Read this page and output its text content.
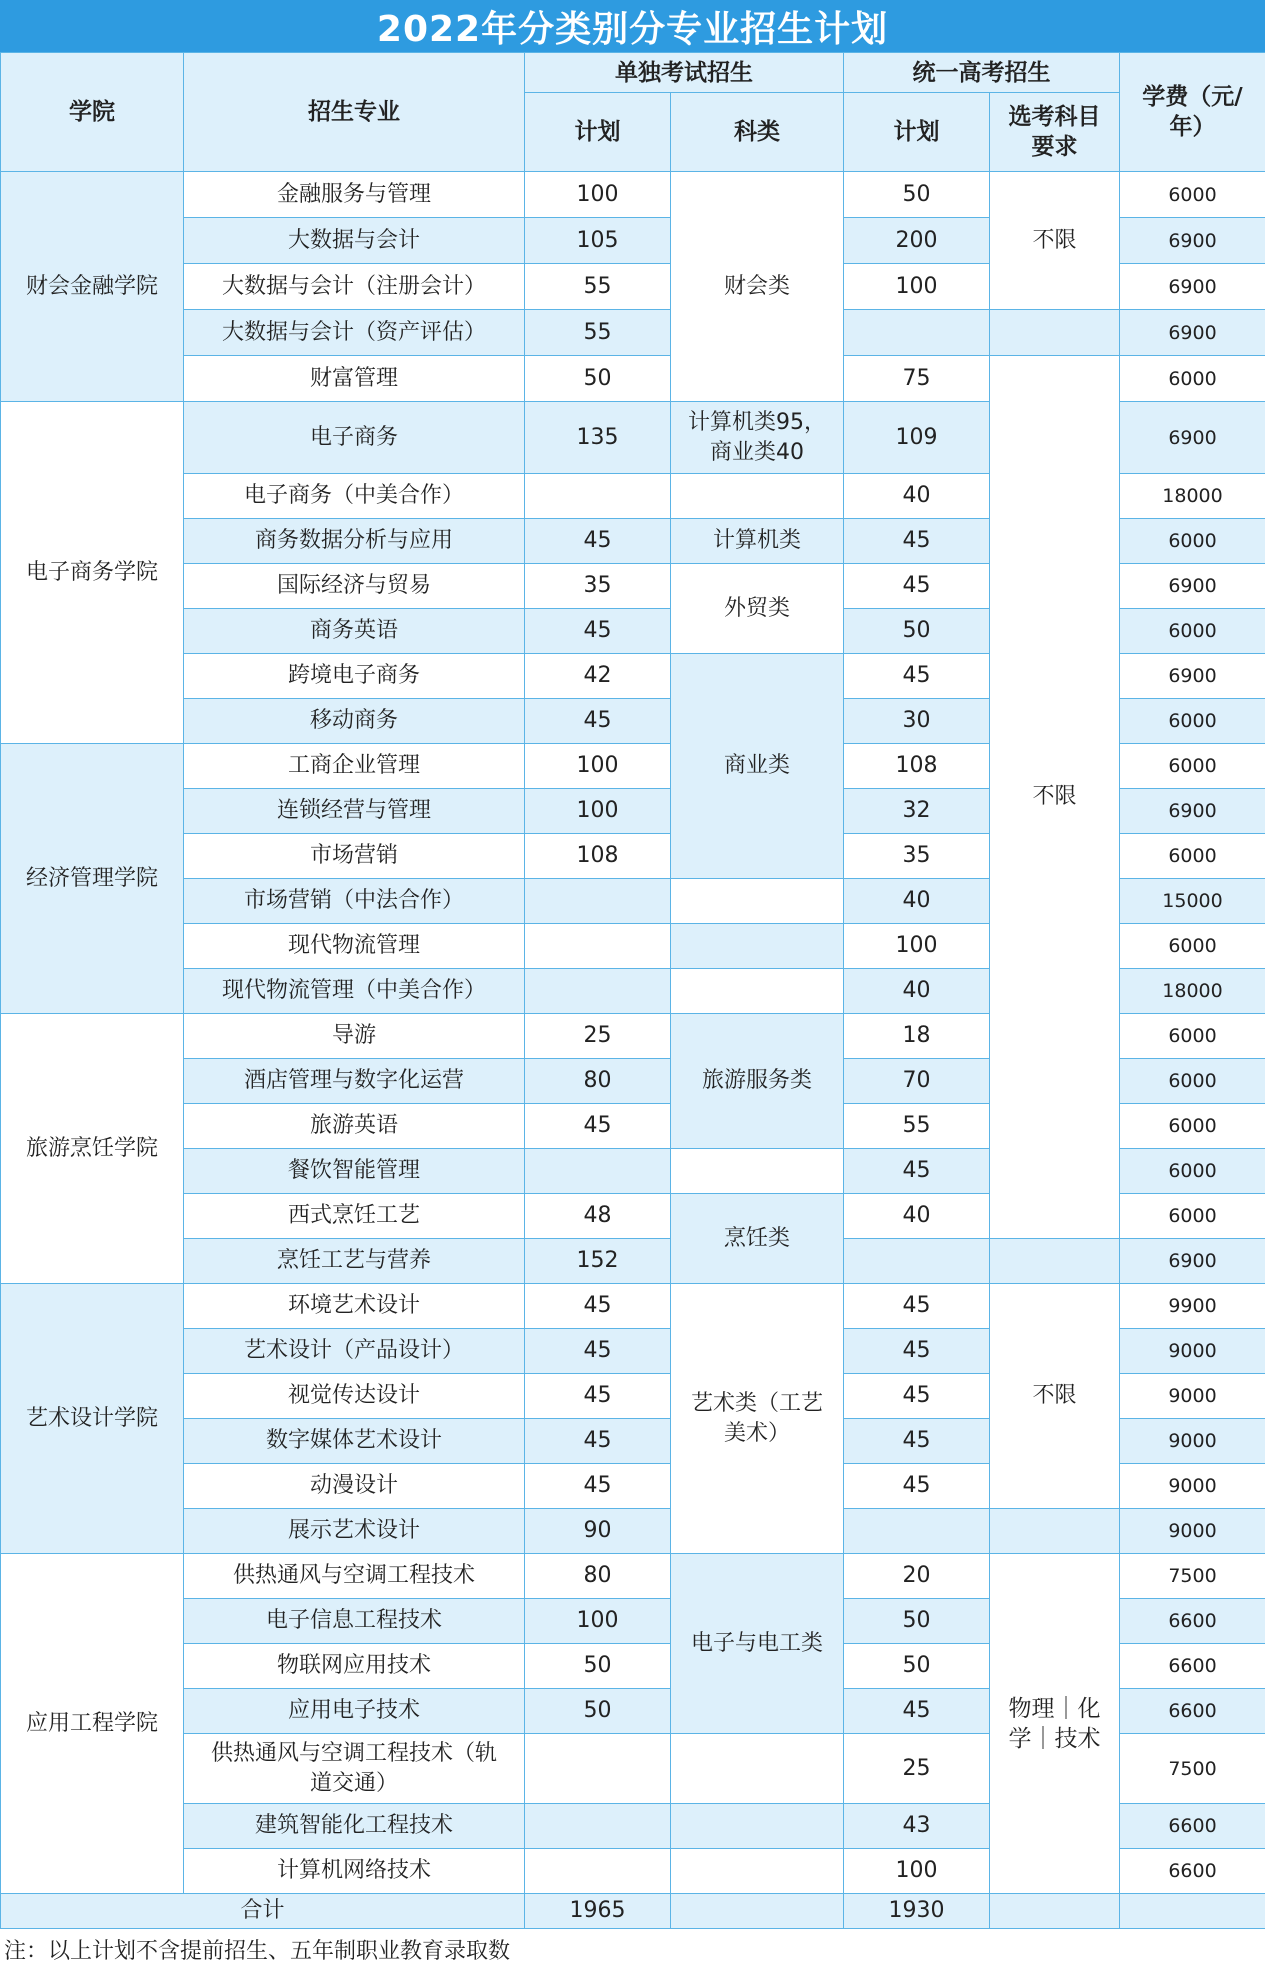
2022年分类别分专业招生计划
学院	招生专业	单独考试招生		统一高考招生		学费（元/年）
		计划	科类	计划	选考科目要求	
财会金融学院	金融服务与管理	100	财会类	50	不限	6000
	大数据与会计	105		200		6900
	大数据与会计（注册会计）	55		100		6900
	大数据与会计（资产评估）	55				6900
	财富管理	50		75	不限	6000
电子商务学院	电子商务	135	计算机类95，商业类40	109		6900
	电子商务（中美合作）			40		18000
	商务数据分析与应用	45	计算机类	45		6000
	国际经济与贸易	35	外贸类	45		6900
	商务英语	45		50		6000
	跨境电子商务	42	商业类	45		6900
	移动商务	45		30		6000
经济管理学院	工商企业管理	100		108		6000
	连锁经营与管理	100		32		6900
	市场营销	108		35		6000
	市场营销（中法合作）			40		15000
	现代物流管理			100		6000
	现代物流管理（中美合作）			40		18000
旅游烹饪学院	导游	25	旅游服务类	18		6000
	酒店管理与数字化运营	80		70		6000
	旅游英语	45		55		6000
	餐饮智能管理			45		6000
	西式烹饪工艺	48	烹饪类	40		6000
	烹饪工艺与营养	152				6900
艺术设计学院	环境艺术设计	45	艺术类（工艺美术）	45	不限	9900
	艺术设计（产品设计）	45		45		9000
	视觉传达设计	45		45		9000
	数字媒体艺术设计	45		45		9000
	动漫设计	45		45		9000
	展示艺术设计	90				9000
应用工程学院	供热通风与空调工程技术	80	电子与电工类	20	物理｜化学｜技术	7500
	电子信息工程技术	100		50		6600
	物联网应用技术	50		50		6600
	应用电子技术	50		45		6600
	供热通风与空调工程技术（轨道交通）			25		7500
	建筑智能化工程技术			43		6600
	计算机网络技术			100		6600
合计		1965		1930		
注：以上计划不含提前招生、五年制职业教育录取数
